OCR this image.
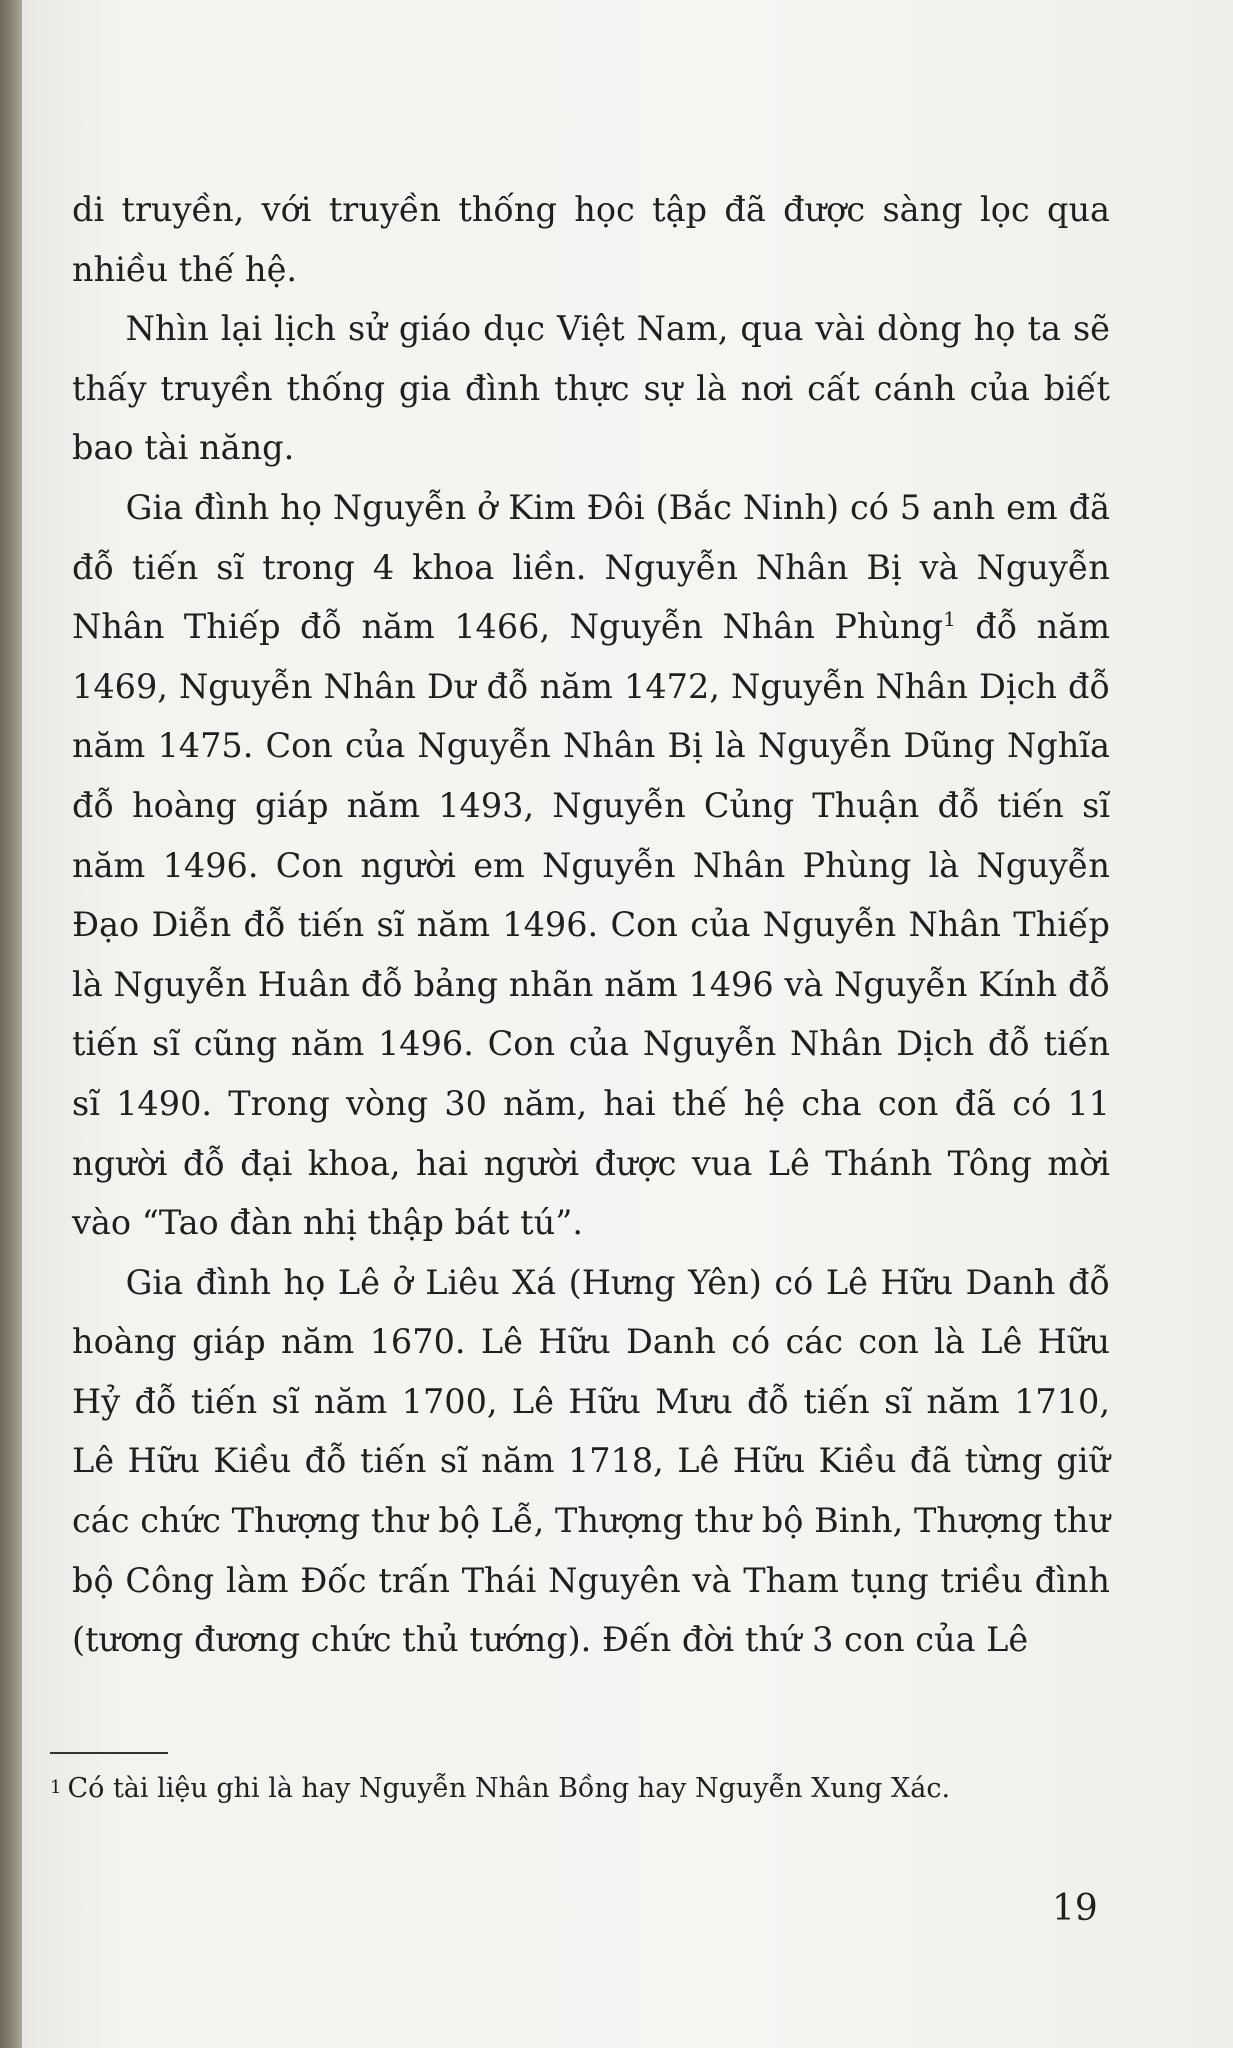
di truyền, với truyền thống học tập đã được sàng lọc qua nhiều thế hệ.

Nhìn lại lịch sử giáo dục Việt Nam, qua vài dòng họ ta sẽ thấy truyền thống gia đình thực sự là nơi cất cánh của biết bao tài năng.

Gia đình họ Nguyễn ở Kim Đôi (Bắc Ninh) có 5 anh em đã đỗ tiến sĩ trong 4 khoa liền. Nguyễn Nhân Bị và Nguyễn Nhân Thiếp đỗ năm 1466, Nguyễn Nhân Phùng$^1$ đỗ năm 1469, Nguyễn Nhân Dư đỗ năm 1472, Nguyễn Nhân Dịch đỗ năm 1475. Con của Nguyễn Nhân Bị là Nguyễn Dũng Nghĩa đỗ hoàng giáp năm 1493, Nguyễn Củng Thuận đỗ tiến sĩ năm 1496. Con người em Nguyễn Nhân Phùng là Nguyễn Đạo Diễn đỗ tiến sĩ năm 1496. Con của Nguyễn Nhân Thiếp là Nguyễn Huân đỗ bảng nhãn năm 1496 và Nguyễn Kính đỗ tiến sĩ cũng năm 1496. Con của Nguyễn Nhân Dịch đỗ tiến sĩ 1490. Trong vòng 30 năm, hai thế hệ cha con đã có 11 người đỗ đại khoa, hai người được vua Lê Thánh Tông mời vào “Tao đàn nhị thập bát tú”.

Gia đình họ Lê ở Liêu Xá (Hưng Yên) có Lê Hữu Danh đỗ hoàng giáp năm 1670. Lê Hữu Danh có các con là Lê Hữu Hỷ đỗ tiến sĩ năm 1700, Lê Hữu Mưu đỗ tiến sĩ năm 1710, Lê Hữu Kiều đỗ tiến sĩ năm 1718, Lê Hữu Kiều đã từng giữ các chức Thượng thư bộ Lễ, Thượng thư bộ Binh, Thượng thư bộ Công làm Đốc trấn Thái Nguyên và Tham tụng triều đình (tương đương chức thủ tướng). Đến đời thứ 3 con của Lê

$^1$ Có tài liệu ghi là hay Nguyễn Nhân Bồng hay Nguyễn Xung Xác.
19
